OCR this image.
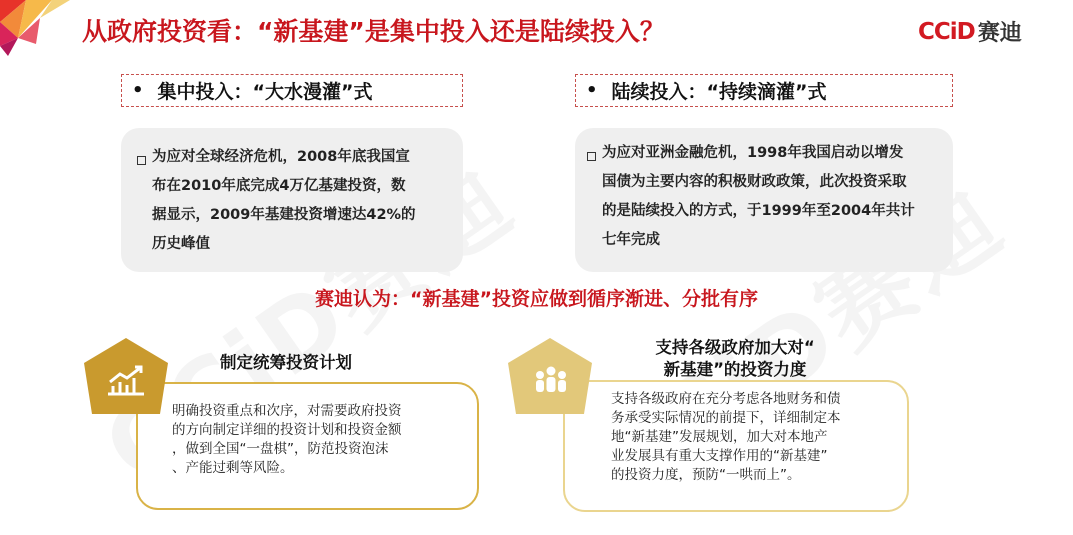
从政府投资看：“新基建”是集中投入还是陆续投入？	CCiD 赛迪
• 集中投入：“大水漫灌”式	• 陆续投入：“持续滴灌”式
为应对全球经济危机，2008年底我国宣
布在2010年底完成4万亿基建投资，数
据显示，2009年基建投资增速达42%的
历史峰值
为应对亚洲金融危机，1998年我国启动以增发
国债为主要内容的积极财政政策，此次投资采取
的是陆续投入的方式，于1999年至2004年共计
七年完成
赛迪认为：“新基建”投资应做到循序渐进、分批有序
明确投资重点和次序，对需要政府投资
的方向制定详细的投资计划和投资金额
，做到全国“一盘棋”，防范投资泡沫
、产能过剩等风险。
制定统筹投资计划
支持各级政府在充分考虑各地财务和债
务承受实际情况的前提下，详细制定本
地“新基建”发展规划，加大对本地产
业发展具有重大支撑作用的“新基建”
的投资力度，预防“一哄而上”。
支持各级政府加大对“
新基建”的投资力度
